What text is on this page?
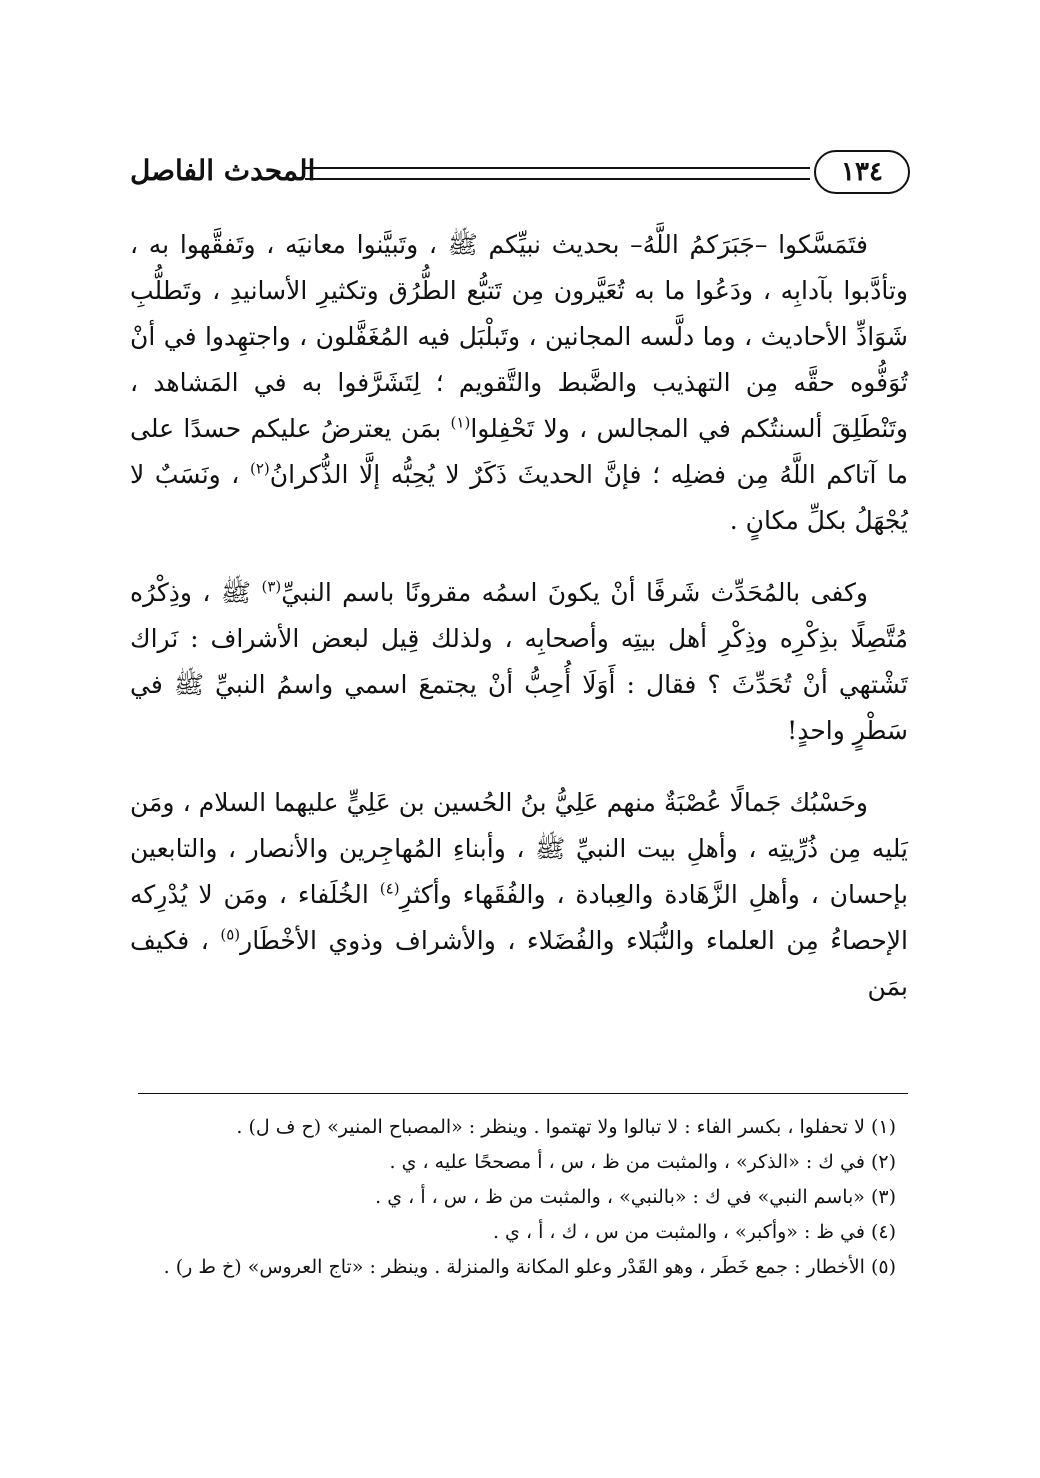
١٣٤
المحدث الفاصل

فتَمَسَّكوا –جَبَرَكمُ اللَّهُ– بحديث نبيِّكم ﷺ ، وتَبيَّنوا معانيَه ، وتَفقَّهوا به ، وتأدَّبوا بآدابِه ، ودَعُوا ما به تُعَيَّرون مِن تَتبُّع الطُّرُق وتكثيرِ الأسانيدِ ، وتَطلُّبِ شَوَاذِّ الأحاديث ، وما دلَّسه المجانين ، وتَبلْبَل فيه المُغَفَّلون ، واجتهِدوا في أنْ تُوَفُّوه حقَّه مِن التهذيب والضَّبط والتَّقويم ؛ لِتَشَرَّفوا به في المَشاهد ، وتَنْطَلِقَ ألسنتُكم في المجالس ، ولا تَحْفِلوا$^{(١)}$ بمَن يعترضُ عليكم حسدًا على ما آتاكم اللَّهُ مِن فضلِه ؛ فإنَّ الحديثَ ذَكَرٌ لا يُحِبُّه إلَّا الذُّكرانُ$^{(٢)}$ ، ونَسَبٌ لا يُجْهَلُ بكلِّ مكانٍ .

وكفى بالمُحَدِّث شَرفًا أنْ يكونَ اسمُه مقرونًا باسم النبيِّ$^{(٣)}$ ﷺ ، وذِكْرُه مُتَّصِلًا بذِكْرِه وذِكْرِ أهل بيتِه وأصحابِه ، ولذلك قِيل لبعض الأشراف : نَراك تَشْتهي أنْ تُحَدِّثَ ؟ فقال : أَوَلَا أُحِبُّ أنْ يجتمعَ اسمي واسمُ النبيِّ ﷺ في سَطْرٍ واحدٍ!

وحَسْبُك جَمالًا عُصْبَةٌ منهم عَلِيُّ بنُ الحُسين بن عَلِيٍّ عليهما السلام ، ومَن يَليه مِن ذُرِّيتِه ، وأهلِ بيت النبيِّ ﷺ ، وأبناءِ المُهاجِرين والأنصار ، والتابعين بإحسان ، وأهلِ الزَّهَادة والعِبادة ، والفُقَهاء وأكثرِ$^{(٤)}$ الخُلَفاء ، ومَن لا يُدْرِكه الإحصاءُ مِن العلماء والنُّبَلاء والفُضَلاء ، والأشراف وذوي الأخْطَار$^{(٥)}$ ، فكيف بمَن

(١)لا تحفلوا ، بكسر الفاء : لا تبالوا ولا تهتموا . وينظر : «المصباح المنير» (ح ف ل) .

(٢)في ك : «الذكر» ، والمثبت من ظ ، س ، أ مصححًا عليه ، ي .

(٣)«باسم النبي» في ك : «بالنبي» ، والمثبت من ظ ، س ، أ ، ي .

(٤)في ظ : «وأكبر» ، والمثبت من س ، ك ، أ ، ي .

(٥)الأخطار : جمع خَطَر ، وهو القَدْر وعلو المكانة والمنزلة . وينظر : «تاج العروس» (خ ط ر) .
